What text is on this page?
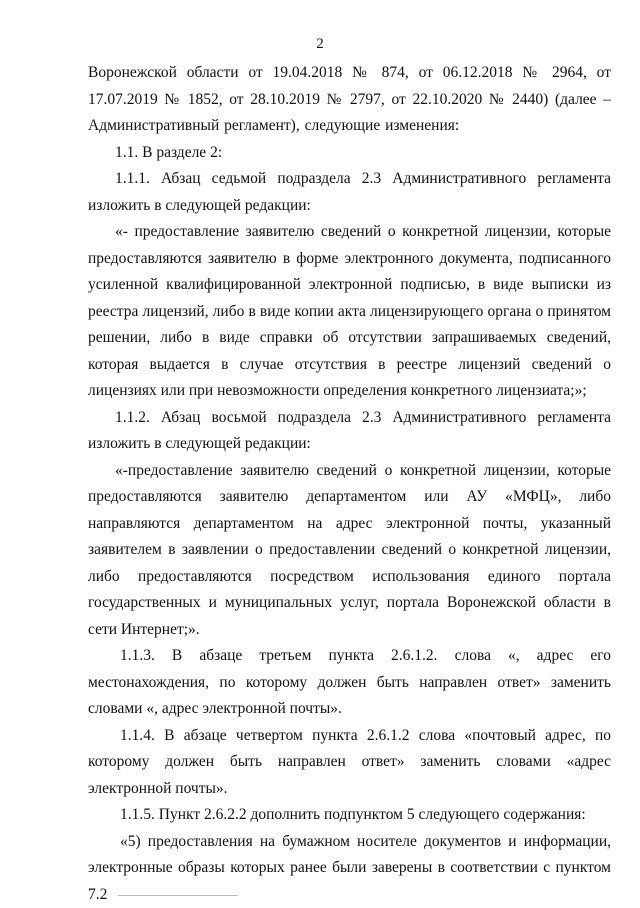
2

Воронежской области от 19.04.2018 № 874, от 06.12.2018 № 2964, от 17.07.2019 № 1852, от 28.10.2019 № 2797, от 22.10.2020 № 2440) (далее – Административный регламент), следующие изменения:

1.1. В разделе 2:

1.1.1. Абзац седьмой подраздела 2.3 Административного регламента изложить в следующей редакции:

«- предоставление заявителю сведений о конкретной лицензии, которые предоставляются заявителю в форме электронного документа, подписанного усиленной квалифицированной электронной подписью, в виде выписки из реестра лицензий, либо в виде копии акта лицензирующего органа о принятом решении, либо в виде справки об отсутствии запрашиваемых сведений, которая выдается в случае отсутствия в реестре лицензий сведений о лицензиях или при невозможности определения конкретного лицензиата;»;

1.1.2. Абзац восьмой подраздела 2.3 Административного регламента изложить в следующей редакции:

«-предоставление заявителю сведений о конкретной лицензии, которые предоставляются заявителю департаментом или АУ «МФЦ», либо направляются департаментом на адрес электронной почты, указанный заявителем в заявлении о предоставлении сведений о конкретной лицензии, либо предоставляются посредством использования единого портала государственных и муниципальных услуг, портала Воронежской области в сети Интернет;».

1.1.3. В абзаце третьем пункта 2.6.1.2. слова «, адрес его местонахождения, по которому должен быть направлен ответ» заменить словами «, адрес электронной почты».

1.1.4. В абзаце четвертом пункта 2.6.1.2 слова «почтовый адрес, по которому должен быть направлен ответ» заменить словами «адрес электронной почты».

1.1.5. Пункт 2.6.2.2 дополнить подпунктом 5 следующего содержания:

«5) предоставления на бумажном носителе документов и информации, электронные образы которых ранее были заверены в соответствии с пунктом 7.2
